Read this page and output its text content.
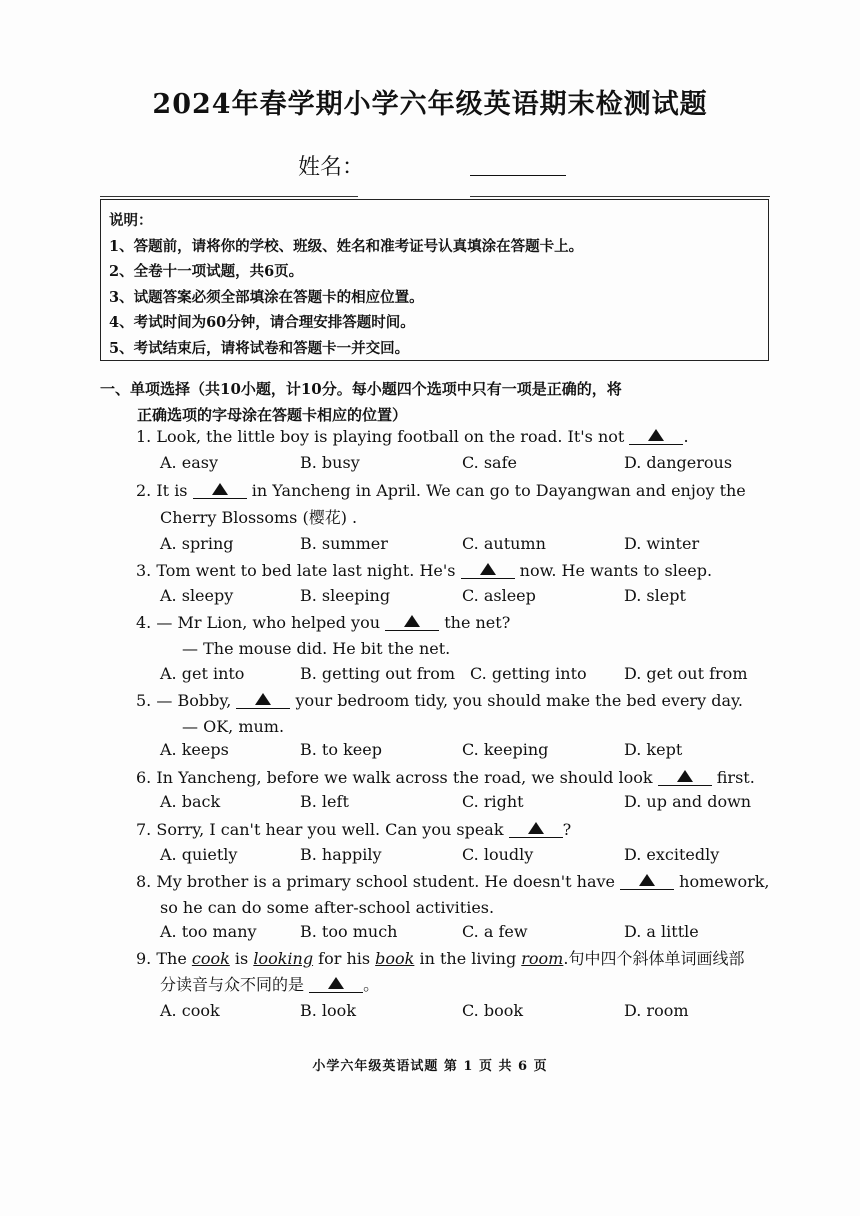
2024年春学期小学六年级英语期末检测试题
姓名：
说明：
1、答题前，请将你的学校、班级、姓名和准考证号认真填涂在答题卡上。
2、全卷十一项试题，共6页。
3、试题答案必须全部填涂在答题卡的相应位置。
4、考试时间为60分钟，请合理安排答题时间。
5、考试结束后，请将试卷和答题卡一并交回。
一、单项选择（共10小题，计10分。每小题四个选项中只有一项是正确的，将
正确选项的字母涂在答题卡相应的位置）
1. Look, the little boy is playing football on the road. It's not	.
A. easy	B. busy	C. safe	D. dangerous
2. It is	in Yancheng in April. We can go to Dayangwan and enjoy the
Cherry Blossoms (樱花) .
A. spring	B. summer	C. autumn	D. winter
3. Tom went to bed late last night. He's	now. He wants to sleep.
A. sleepy	B. sleeping	C. asleep	D. slept
4. — Mr Lion, who helped you	the net?
— The mouse did. He bit the net.
A. get into	B. getting out from C. getting into D. get out from
5. — Bobby,	your bedroom tidy, you should make the bed every day.
— OK, mum.
A. keeps	B. to keep	C. keeping	D. kept
6. In Yancheng, before we walk across the road, we should look	first.
A. back	B. left	C. right	D. up and down
7. Sorry, I can't hear you well. Can you speak	?
A. quietly	B. happily	C. loudly	D. excitedly
8. My brother is a primary school student. He doesn't have	homework,
so he can do some after-school activities.
A. too many	B. too much	C. a few	D. a little
9. The cook is looking for his book in the living room.句中四个斜体单词画线部
分读音与众不同的是	。
A. cook	B. look	C. book	D. room
小学六年级英语试题 第 1 页 共 6 页
